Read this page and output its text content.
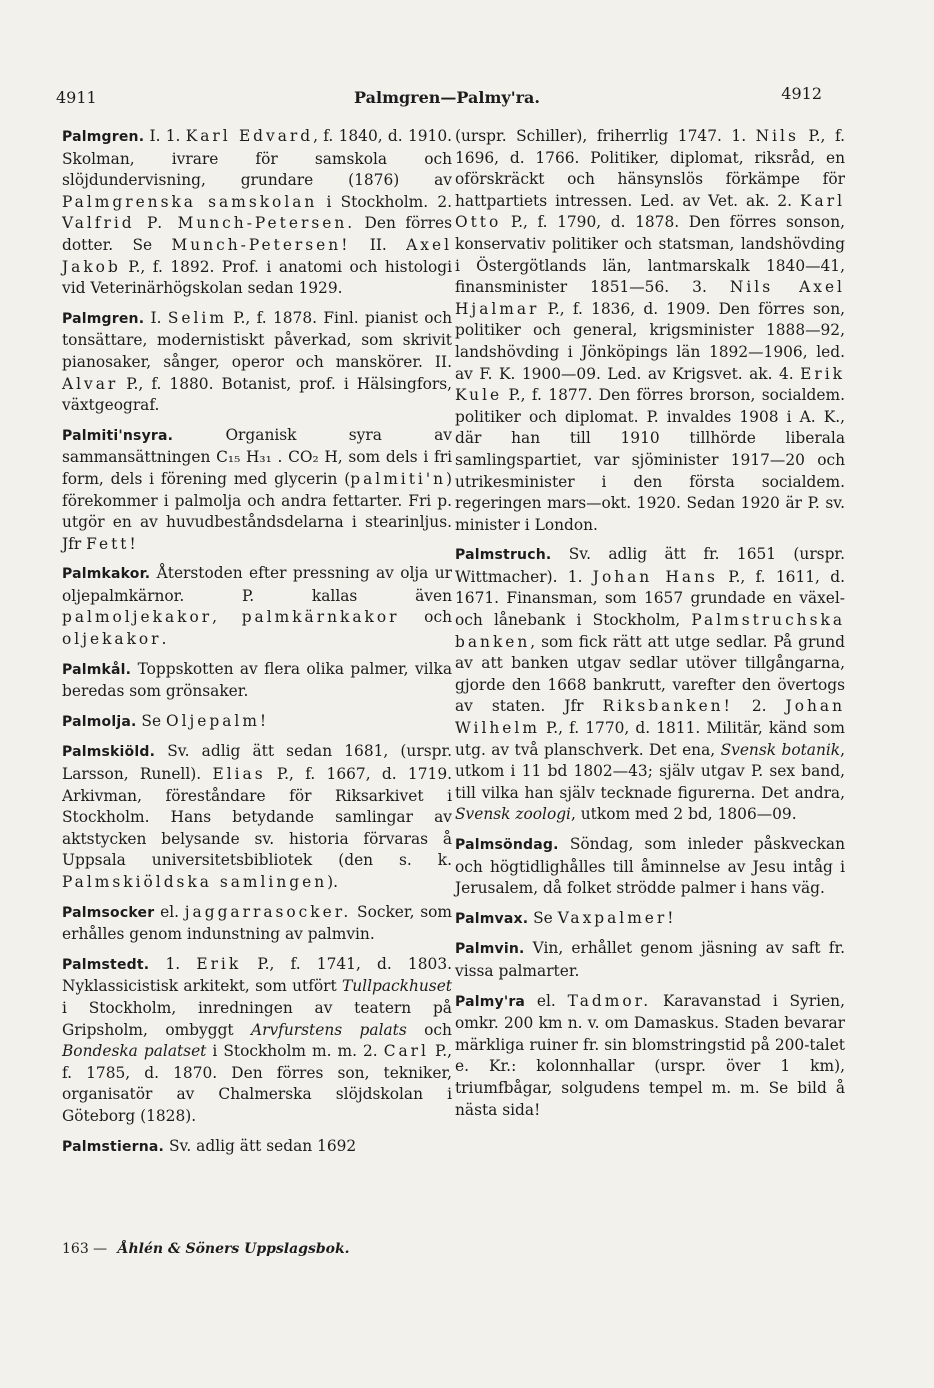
4911	Palmgren—Palmy'ra.	4912

Palmgren. I. 1. Karl Edvard, f. 1840, d. 1910. Skolman, ivrare för samskola och slöjdundervisning, grundare (1876) av Palmgrenska samskolan i Stockholm. 2. Valfrid P. Munch-Petersen. Den förres dotter. Se Munch-Petersen! II. Axel Jakob P., f. 1892. Prof. i anatomi och histologi vid Veterinärhögskolan sedan 1929.

Palmgren. I. Selim P., f. 1878. Finl. pianist och tonsättare, modernistiskt påverkad, som skrivit pianosaker, sånger, operor och manskörer. II. Alvar P., f. 1880. Botanist, prof. i Hälsingfors, växtgeograf.

Palmiti'nsyra. Organisk syra av sammansättningen C₁₅ H₃₁ . CO₂ H, som dels i fri form, dels i förening med glycerin (palmiti'n) förekommer i palmolja och andra fettarter. Fri p. utgör en av huvudbeståndsdelarna i stearinljus. Jfr Fett!

Palmkakor. Återstoden efter pressning av olja ur oljepalmkärnor. P. kallas även palmoljekakor, palmkärnkakor och oljekakor.

Palmkål. Toppskotten av flera olika palmer, vilka beredas som grönsaker.

Palmolja. Se Oljepalm!

Palmskiöld. Sv. adlig ätt sedan 1681, (urspr. Larsson, Runell). Elias P., f. 1667, d. 1719. Arkivman, föreståndare för Riksarkivet i Stockholm. Hans betydande samlingar av aktstycken belysande sv. historia förvaras å Uppsala universitetsbibliotek (den s. k. Palmskiöldska samlingen).

Palmsocker el. jaggarrasocker. Socker, som erhålles genom indunstning av palmvin.

Palmstedt. 1. Erik P., f. 1741, d. 1803. Nyklassicistisk arkitekt, som utfört Tullpackhuset i Stockholm, inredningen av teatern på Gripsholm, ombyggt Arvfurstens palats och Bondeska palatset i Stockholm m. m. 2. Carl P., f. 1785, d. 1870. Den förres son, tekniker, organisatör av Chalmerska slöjdskolan i Göteborg (1828).

Palmstierna. Sv. adlig ätt sedan 1692

(urspr. Schiller), friherrlig 1747. 1. Nils P., f. 1696, d. 1766. Politiker, diplomat, riksråd, en oförskräckt och hänsynslös förkämpe för hattpartiets intressen. Led. av Vet. ak. 2. Karl Otto P., f. 1790, d. 1878. Den förres sonson, konservativ politiker och statsman, landshövding i Östergötlands län, lantmarskalk 1840—41, finansminister 1851—56. 3. Nils Axel Hjalmar P., f. 1836, d. 1909. Den förres son, politiker och general, krigsminister 1888—92, landshövding i Jönköpings län 1892—1906, led. av F. K. 1900—09. Led. av Krigsvet. ak. 4. Erik Kule P., f. 1877. Den förres brorson, socialdem. politiker och diplomat. P. invaldes 1908 i A. K., där han till 1910 tillhörde liberala samlingspartiet, var sjöminister 1917—20 och utrikesminister i den första socialdem. regeringen mars—okt. 1920. Sedan 1920 är P. sv. minister i London.

Palmstruch. Sv. adlig ätt fr. 1651 (urspr. Wittmacher). 1. Johan Hans P., f. 1611, d. 1671. Finansman, som 1657 grundade en växel- och lånebank i Stockholm, Palmstruchska banken, som fick rätt att utge sedlar. På grund av att banken utgav sedlar utöver tillgångarna, gjorde den 1668 bankrutt, varefter den övertogs av staten. Jfr Riksbanken! 2. Johan Wilhelm P., f. 1770, d. 1811. Militär, känd som utg. av två planschverk. Det ena, Svensk botanik, utkom i 11 bd 1802—43; själv utgav P. sex band, till vilka han själv tecknade figurerna. Det andra, Svensk zoologi, utkom med 2 bd, 1806—09.

Palmsöndag. Söndag, som inleder påskveckan och högtidlighålles till åminnelse av Jesu intåg i Jerusalem, då folket strödde palmer i hans väg.

Palmvax. Se Vaxpalmer!

Palmvin. Vin, erhållet genom jäsning av saft fr. vissa palmarter.

Palmy'ra el. Tadmor. Karavanstad i Syrien, omkr. 200 km n. v. om Damaskus. Staden bevarar märkliga ruiner fr. sin blomstringstid på 200-talet e. Kr.: kolonnhallar (urspr. över 1 km), triumfbågar, solgudens tempel m. m. Se bild å nästa sida!

163 — Åhlén & Söners Uppslagsbok.
